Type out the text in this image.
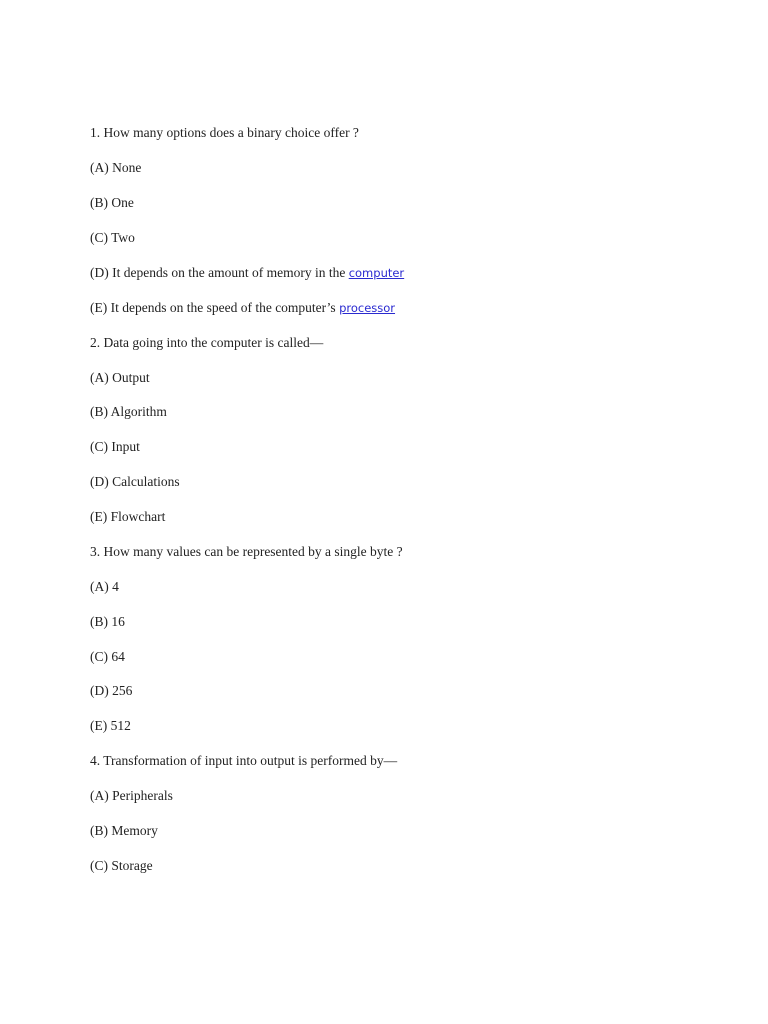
1. How many options does a binary choice offer ?
(A) None
(B) One
(C) Two
(D) It depends on the amount of memory in the computer
(E) It depends on the speed of the computer’s processor
2. Data going into the computer is called—
(A) Output
(B) Algorithm
(C) Input
(D) Calculations
(E) Flowchart
3. How many values can be represented by a single byte ?
(A) 4
(B) 16
(C) 64
(D) 256
(E) 512
4. Transformation of input into output is performed by—
(A) Peripherals
(B) Memory
(C) Storage
